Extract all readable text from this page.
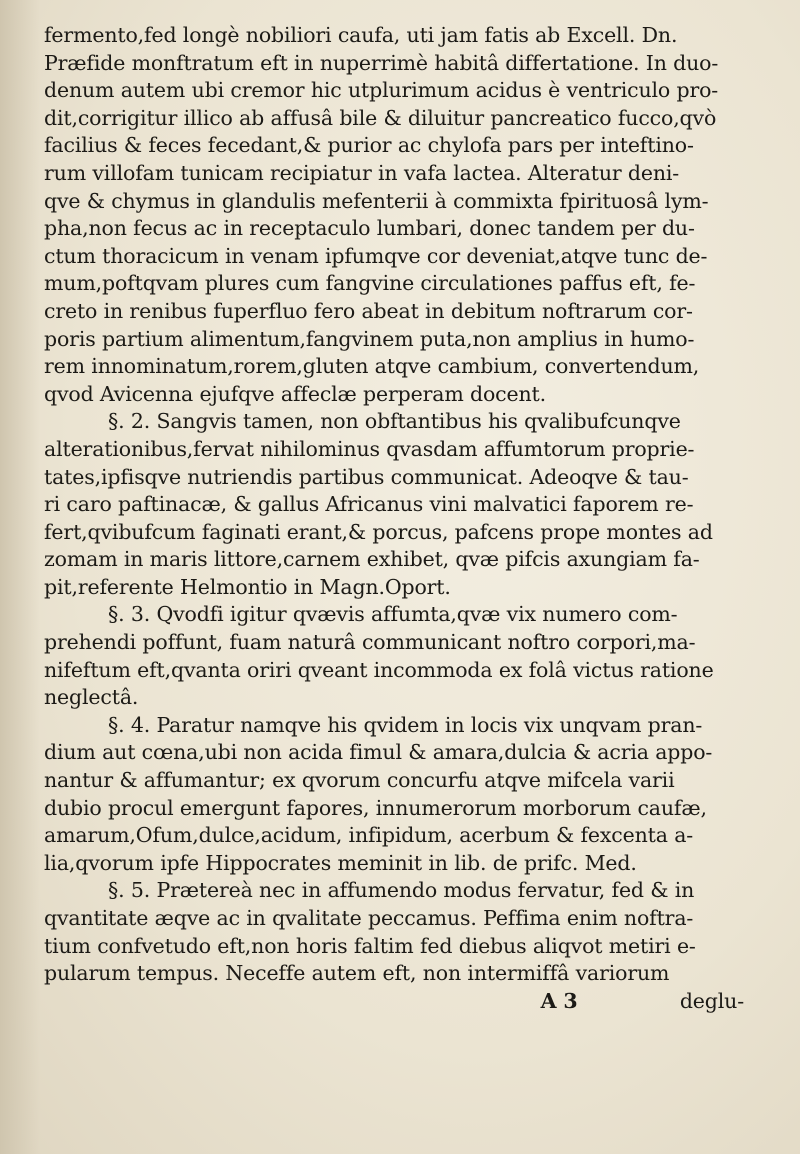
fermento,fed longè nobiliori caufa, uti jam fatis ab Excell. Dn.
Præfide monftratum eft in nuperrimè habitâ differtatione. In duo-
denum autem ubi cremor hic utplurimum acidus è ventriculo pro-
dit,corrigitur illico ab affusâ bile & diluitur pancreatico fucco,qvò
facilius & feces fecedant,& purior ac chylofa pars per inteftino-
rum villofam tunicam recipiatur in vafa lactea. Alteratur deni-
qve & chymus in glandulis mefenterii à commixta fpirituosâ lym-
pha,non fecus ac in receptaculo lumbari, donec tandem per du-
ctum thoracicum in venam ipfumqve cor deveniat,atqve tunc de-
mum,poftqvam plures cum fangvine circulationes paffus eft, fe-
creto in renibus fuperfluo fero abeat in debitum noftrarum cor-
poris partium alimentum,fangvinem puta,non amplius in humo-
rem innominatum,rorem,gluten atqve cambium, convertendum,
qvod Avicenna ejufqve affeclæ perperam docent.
§. 2. Sangvis tamen, non obftantibus his qvalibufcunqve
alterationibus,fervat nihilominus qvasdam affumtorum proprie-
tates,ipfisqve nutriendis partibus communicat. Adeoqve & tau-
ri caro paftinacæ, & gallus Africanus vini malvatici faporem re-
fert,qvibufcum faginati erant,& porcus, pafcens prope montes ad
zomam in maris littore,carnem exhibet, qvæ pifcis axungiam fa-
pit,referente Helmontio in Magn.Oport.
§. 3. Qvodfi igitur qvævis affumta,qvæ vix numero com-
prehendi poffunt, fuam naturâ communicant noftro corpori,ma-
nifeftum eft,qvanta oriri qveant incommoda ex folâ victus ratione
neglectâ.
§. 4. Paratur namqve his qvidem in locis vix unqvam pran-
dium aut cœna,ubi non acida fimul & amara,dulcia & acria appo-
nantur & affumantur; ex qvorum concurfu atqve mifcela varii
dubio procul emergunt fapores, innumerorum morborum caufæ,
amarum,Ofum,dulce,acidum, infipidum, acerbum & fexcenta a-
lia,qvorum ipfe Hippocrates meminit in lib. de prifc. Med.
§. 5. Prætereà nec in affumendo modus fervatur, fed & in
qvantitate æqve ac in qvalitate peccamus. Peffima enim noftra-
tium confvetudo eft,non horis faltim fed diebus aliqvot metiri e-
pularum tempus. Neceffe autem eft, non intermiffâ variorum
A 3	deglu-
